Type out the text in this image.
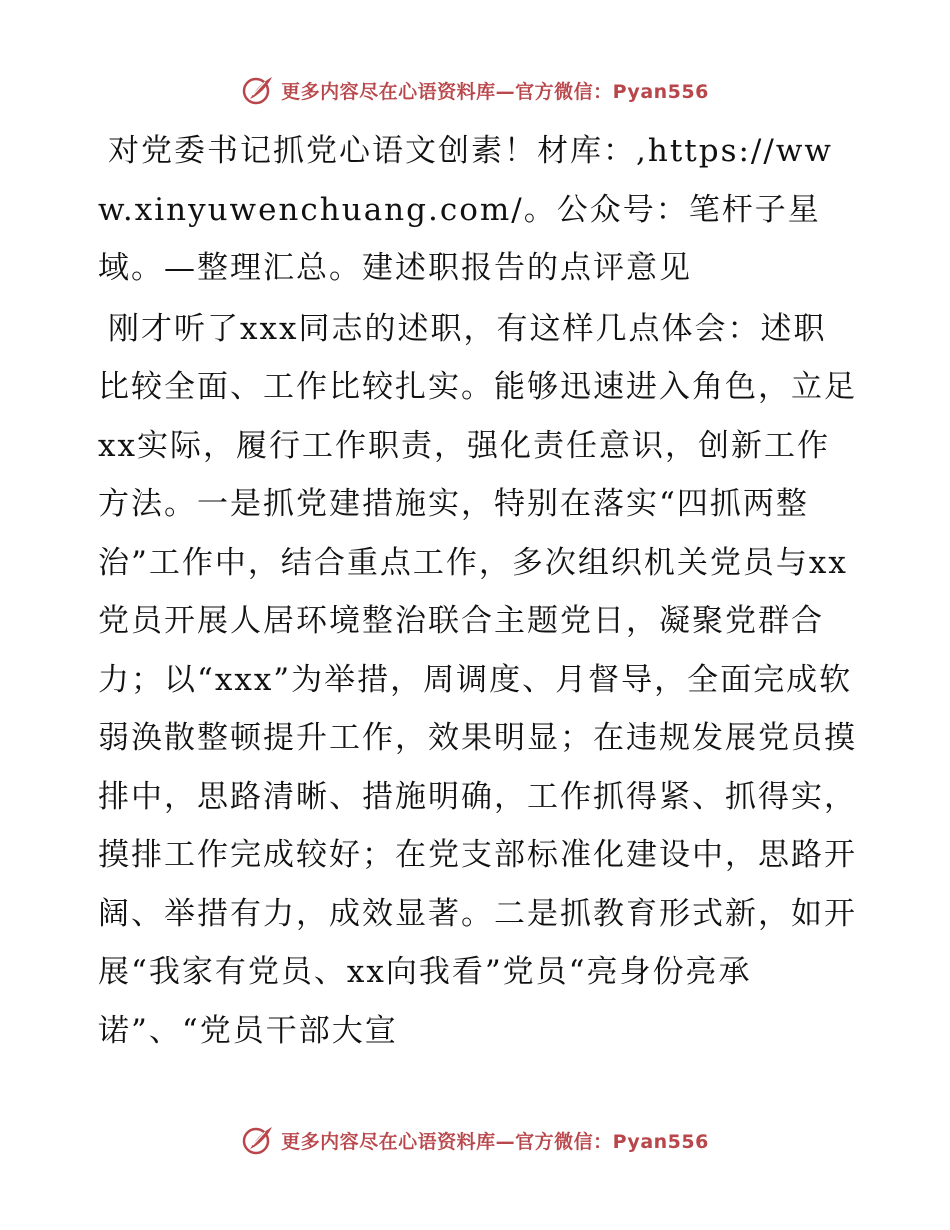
更多内容尽在心语资料库—官方微信：Pyan556

对党委书记抓党心语文创素！材库：,https://www.xinyuwenchuang.com/。公众号：笔杆子星域。—整理汇总。建述职报告的点评意见

刚才听了xxx同志的述职，有这样几点体会：述职比较全面、工作比较扎实。能够迅速进入角色，立足xx实际，履行工作职责，强化责任意识，创新工作方法。一是抓党建措施实，特别在落实“四抓两整治”工作中，结合重点工作，多次组织机关党员与xx党员开展人居环境整治联合主题党日，凝聚党群合力；以“xxx”为举措，周调度、月督导，全面完成软弱涣散整顿提升工作，效果明显；在违规发展党员摸排中，思路清晰、措施明确，工作抓得紧、抓得实，摸排工作完成较好；在党支部标准化建设中，思路开阔、举措有力，成效显著。二是抓教育形式新，如开展“我家有党员、xx向我看”党员“亮身份亮承诺”、“党员干部大宣

更多内容尽在心语资料库—官方微信：Pyan556
